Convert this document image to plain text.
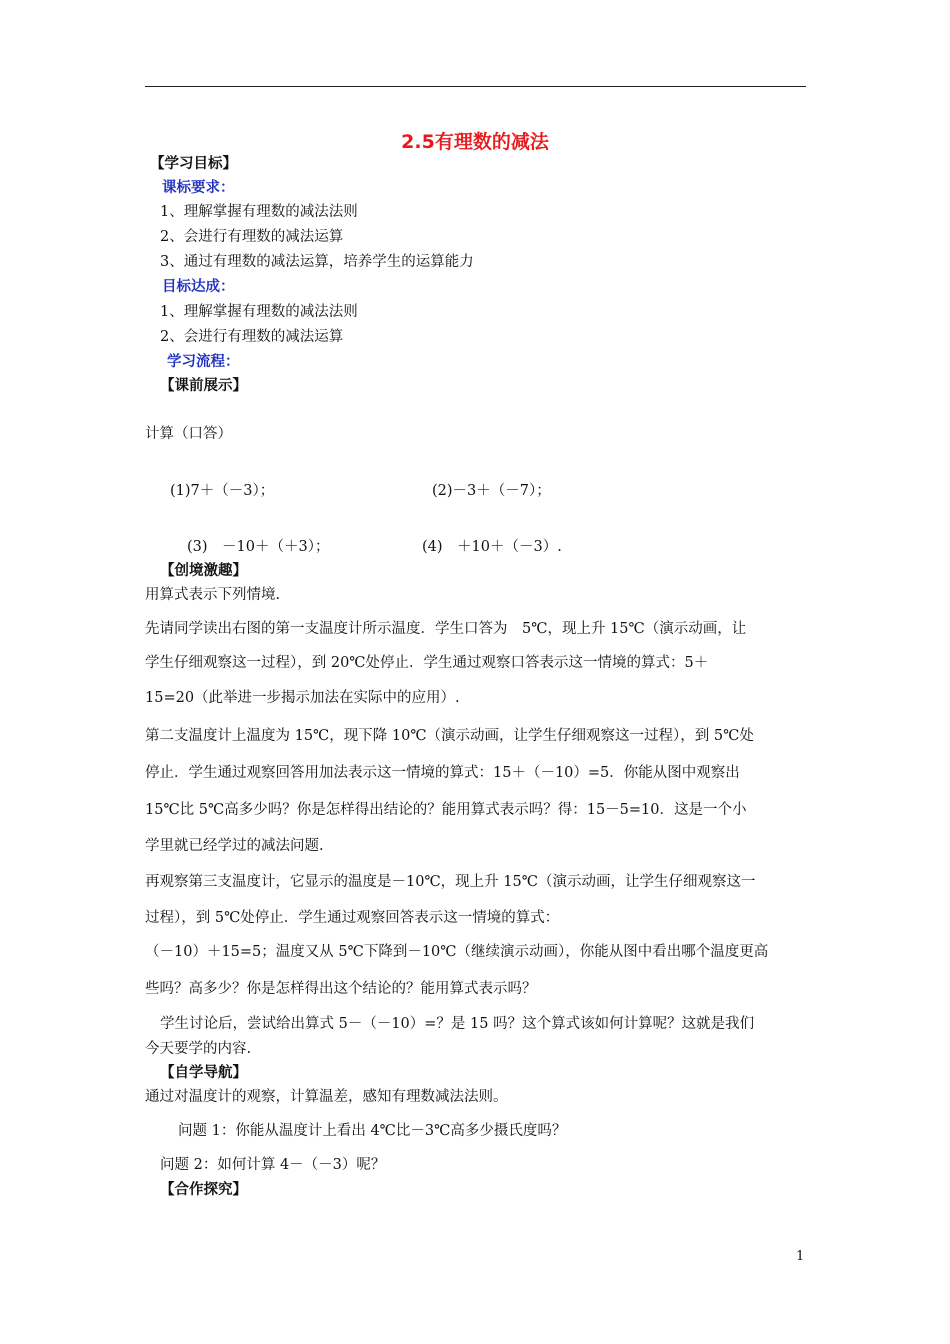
2.5有理数的减法
【学习目标】
课标要求：
1、理解掌握有理数的减法法则
2、会进行有理数的减法运算
3、通过有理数的减法运算，培养学生的运算能力
目标达成：
1、理解掌握有理数的减法法则
2、会进行有理数的减法运算
学习流程：
【课前展示】
计算（口答）
(1)7＋（－3）；	(2)－3＋（－7）；
(3)　－10＋（＋3）；	(4)　＋10＋（－3）.
【创境激趣】
用算式表示下列情境.
先请同学读出右图的第一支温度计所示温度．学生口答为　5℃，现上升 15℃（演示动画，让
学生仔细观察这一过程），到 20℃处停止．学生通过观察口答表示这一情境的算式：5＋
15=20（此举进一步揭示加法在实际中的应用）.
第二支温度计上温度为 15℃，现下降 10℃（演示动画，让学生仔细观察这一过程），到 5℃处
停止．学生通过观察回答用加法表示这一情境的算式：15＋（－10）=5．你能从图中观察出
15℃比 5℃高多少吗？你是怎样得出结论的？能用算式表示吗？得：15－5=10．这是一个小
学里就已经学过的减法问题.
再观察第三支温度计，它显示的温度是－10℃，现上升 15℃（演示动画，让学生仔细观察这一
过程），到 5℃处停止．学生通过观察回答表示这一情境的算式：
（－10）＋15=5；温度又从 5℃下降到－10℃（继续演示动画），你能从图中看出哪个温度更高
些吗？高多少？你是怎样得出这个结论的？能用算式表示吗？
学生讨论后，尝试给出算式 5－（－10）=？是 15 吗？这个算式该如何计算呢？这就是我们
今天要学的内容.
【自学导航】
通过对温度计的观察，计算温差，感知有理数减法法则。
问题 1：你能从温度计上看出 4℃比－3℃高多少摄氏度吗？
问题 2：如何计算 4－（－3）呢？
【合作探究】
1
